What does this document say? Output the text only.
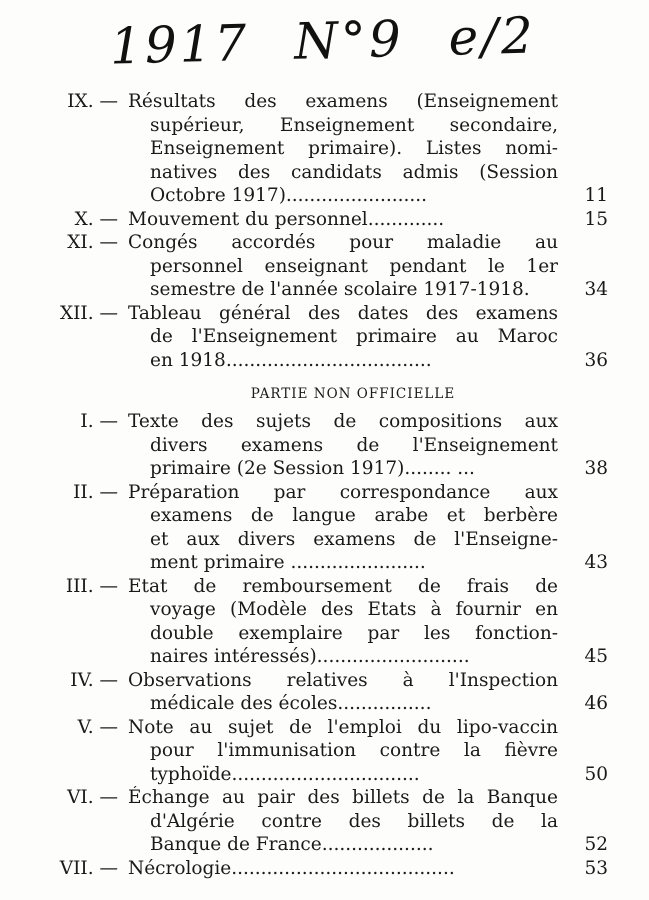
1917 N°9 e/2
IX. — Résultats des examens (Enseignement
supérieur, Enseignement secondaire,
Enseignement primaire). Listes nomi-
natives des candidats admis (Session
Octobre 1917)........................	11
X. — Mouvement du personnel.............	15
XI. — Congés accordés pour maladie au
personnel enseignant pendant le 1er
semestre de l'année scolaire 1917-1918.	34
XII. — Tableau général des dates des examens
de l'Enseignement primaire au Maroc
en 1918...................................	36
PARTIE NON OFFICIELLE
I. — Texte des sujets de compositions aux
divers examens de l'Enseignement
primaire (2e Session 1917)........ ...	38
II. — Préparation par correspondance aux
examens de langue arabe et berbère
et aux divers examens de l'Enseigne-
ment primaire .......................	43
III. — Etat de remboursement de frais de
voyage (Modèle des Etats à fournir en
double exemplaire par les fonction-
naires intéressés)..........................	45
IV. — Observations relatives à l'Inspection
médicale des écoles................	46
V. — Note au sujet de l'emploi du lipo-vaccin
pour l'immunisation contre la fièvre
typhoïde................................	50
VI. — Échange au pair des billets de la Banque
d'Algérie contre des billets de la
Banque de France...................	52
VII. — Nécrologie......................................	53
